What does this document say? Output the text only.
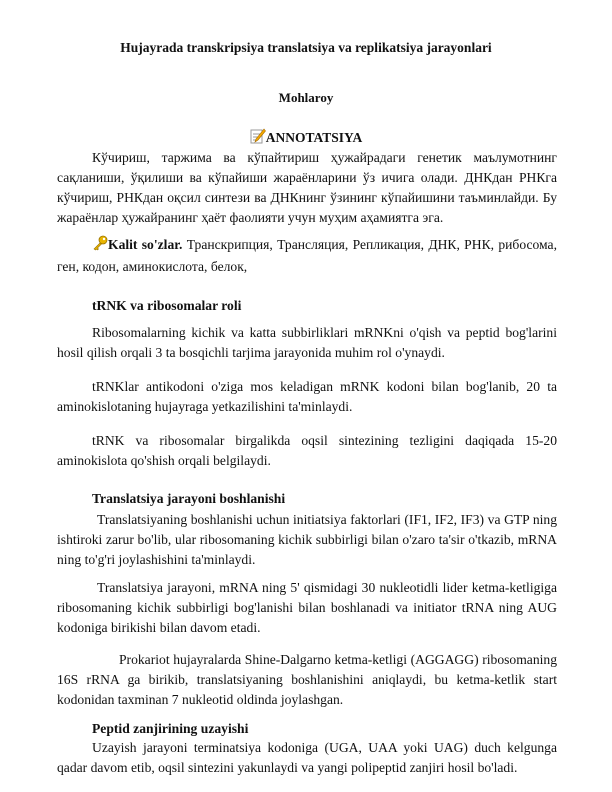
Hujayrada transkripsiya translatsiya va replikatsiya jarayonlari
Mohlaroy
ANNOTATSIYA
Кўчириш, таржима ва кўпайтириш ҳужайрадаги генетик маълумотнинг сақланиши, ўқилиши ва кўпайиши жараёнларини ўз ичига олади. ДНКдан РНКга кўчириш, РНКдан оқсил синтези ва ДНКнинг ўзининг кўпайишини таъминлайди. Бу жараёнлар ҳужайранинг ҳаёт фаолияти учун муҳим аҳамиятга эга.
Kalit so'zlar. Транскрипция, Трансляция, Репликация, ДНК, РНК, рибосома, ген, кодон, аминокислота, белок,
tRNK va ribosomalar roli
Ribosomalarning kichik va katta subbirliklari mRNKni o'qish va peptid bog'larini hosil qilish orqali 3 ta bosqichli tarjima jarayonida muhim rol o'ynaydi.
tRNKlar antikodoni o'ziga mos keladigan mRNK kodoni bilan bog'lanib, 20 ta aminokislotaning hujayraga yetkazilishini ta'minlaydi.
tRNK va ribosomalar birgalikda oqsil sintezining tezligini daqiqada 15-20 aminokislota qo'shish orqali belgilaydi.
Translatsiya jarayoni boshlanishi
Translatsiyaning boshlanishi uchun initiatsiya faktorlari (IF1, IF2, IF3) va GTP ning ishtiroki zarur bo'lib, ular ribosomaning kichik subbirligi bilan o'zaro ta'sir o'tkazib, mRNA ning to'g'ri joylashishini ta'minlaydi.
Translatsiya jarayoni, mRNA ning 5' qismidagi 30 nukleotidli lider ketma-ketligiga ribosomaning kichik subbirligi bog'lanishi bilan boshlanadi va initiator tRNA ning AUG kodoniga birikishi bilan davom etadi.
Prokariot hujayralarda Shine-Dalgarno ketma-ketligi (AGGAGG) ribosomaning 16S rRNA ga birikib, translatsiyaning boshlanishini aniqlaydi, bu ketma-ketlik start kodonidan taxminan 7 nukleotid oldinda joylashgan.
Peptid zanjirining uzayishi
Uzayish jarayoni terminatsiya kodoniga (UGA, UAA yoki UAG) duch kelgunga qadar davom etib, oqsil sintezini yakunlaydi va yangi polipeptid zanjiri hosil bo'ladi.
